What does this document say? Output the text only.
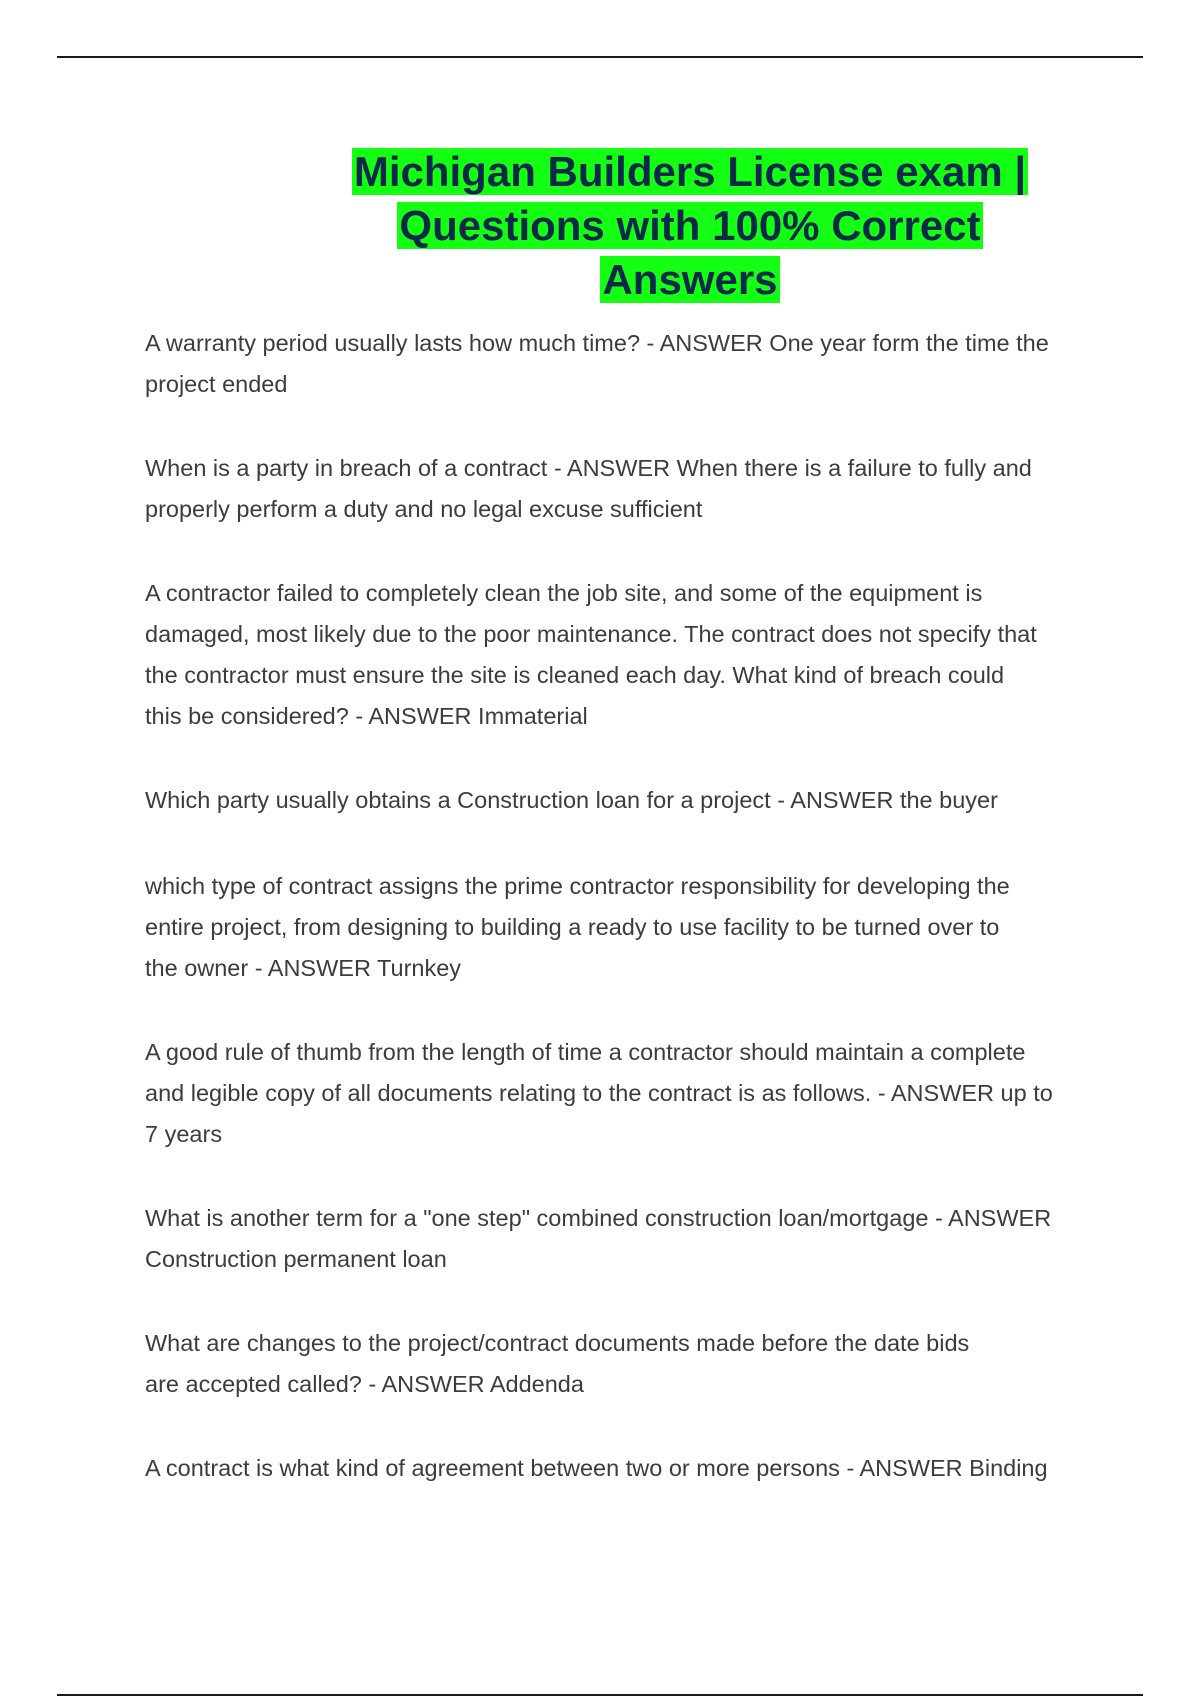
Michigan Builders License exam |
Questions with 100% Correct
Answers

A warranty period usually lasts how much time? - ANSWER One year form the time the
project ended

When is a party in breach of a contract - ANSWER When there is a failure to fully and
properly perform a duty and no legal excuse sufficient

A contractor failed to completely clean the job site, and some of the equipment is
damaged, most likely due to the poor maintenance. The contract does not specify that
the contractor must ensure the site is cleaned each day. What kind of breach could
this be considered? - ANSWER Immaterial

Which party usually obtains a Construction loan for a project - ANSWER the buyer

which type of contract assigns the prime contractor responsibility for developing the
entire project, from designing to building a ready to use facility to be turned over to
the owner - ANSWER Turnkey

A good rule of thumb from the length of time a contractor should maintain a complete
and legible copy of all documents relating to the contract is as follows. - ANSWER up to
7 years

What is another term for a "one step" combined construction loan/mortgage - ANSWER
Construction permanent loan

What are changes to the project/contract documents made before the date bids
are accepted called? - ANSWER Addenda

A contract is what kind of agreement between two or more persons - ANSWER Binding
